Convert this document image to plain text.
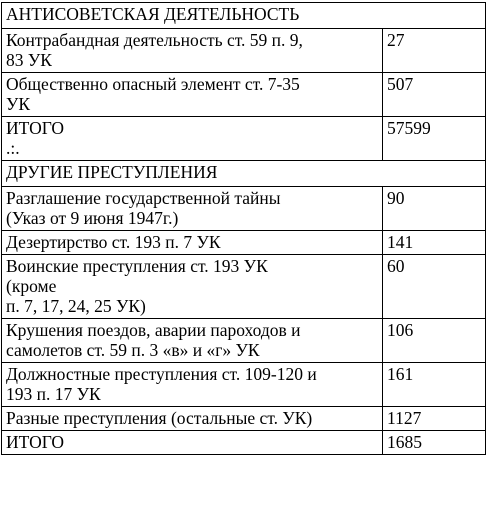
АНТИСОВЕТСКАЯ ДЕЯТЕЛЬНОСТЬ	
Контрабандная деятельность ст. 59 п. 9,
83 УК	27
Общественно опасный элемент ст. 7-35
УК	507
ИТОГО
.:.	57599
ДРУГИЕ ПРЕСТУПЛЕНИЯ	
Разглашение государственной тайны
(Указ от 9 июня 1947г.)	90
Дезертирство ст. 193 п. 7 УК	141
Воинские преступления ст. 193 УК
(кроме
п. 7, 17, 24, 25 УК)	60
Крушения поездов, аварии пароходов и
самолетов ст. 59 п. 3 «в» и «г» УК	106
Должностные преступления ст. 109-120 и
193 п. 17 УК	161
Разные преступления (остальные ст. УК)	1127
ИТОГО	1685
